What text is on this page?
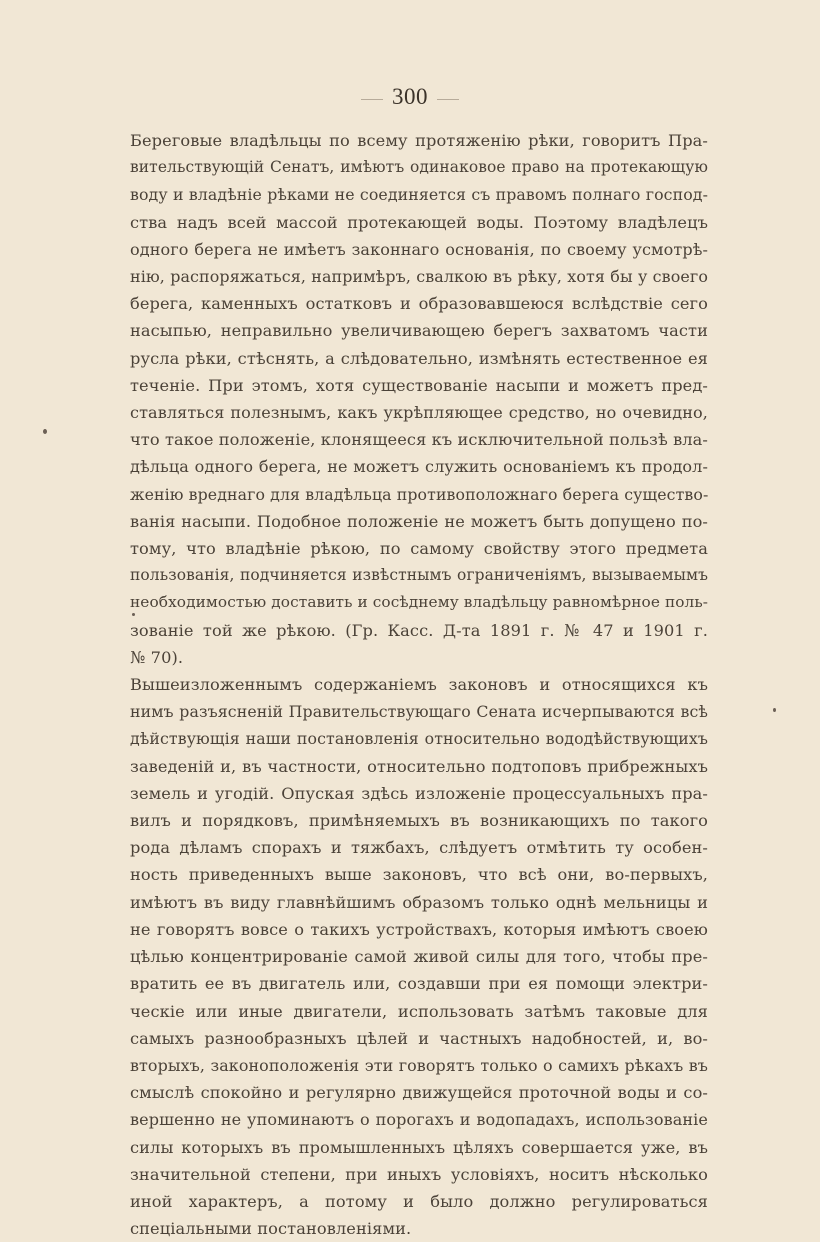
300
Береговые владѣльцы по всему протяженію рѣки, говоритъ Пра-
вительствующій Сенатъ, имѣютъ одинаковое право на протекающую
воду и владѣніе рѣками не соединяется съ правомъ полнаго господ-
ства надъ всей массой протекающей воды. Поэтому владѣлецъ
одного берега не имѣетъ законнаго основанія, по своему усмотрѣ-
нію, распоряжаться, напримѣръ, свалкою въ рѣку, хотя бы у своего
берега, каменныхъ остатковъ и образовавшеюся вслѣдствіе сего
насыпью, неправильно увеличивающею берегъ захватомъ части
русла рѣки, стѣснять, а слѣдовательно, измѣнять естественное ея
теченіе. При этомъ, хотя существованіе насыпи и можетъ пред-
ставляться полезнымъ, какъ укрѣпляющее средство, но очевидно,
что такое положеніе, клонящееся къ исключительной пользѣ вла-
дѣльца одного берега, не можетъ служить основаніемъ къ продол-
женію вреднаго для владѣльца противоположнаго берега существо-
ванія насыпи. Подобное положеніе не можетъ быть допущено по-
тому, что владѣніе рѣкою, по самому свойству этого предмета
пользованія, подчиняется извѣстнымъ ограниченіямъ, вызываемымъ
необходимостью доставить и сосѣднему владѣльцу равномѣрное поль-
зованіе той же рѣкою. (Гр. Касс. Д-та 1891 г. № 47 и 1901 г.
№ 70).
Вышеизложеннымъ содержаніемъ законовъ и относящихся къ
нимъ разъясненій Правительствующаго Сената исчерпываются всѣ
дѣйствующія наши постановленія относительно вододѣйствующихъ
заведеній и, въ частности, относительно подтоповъ прибрежныхъ
земель и угодій. Опуская здѣсь изложеніе процессуальныхъ пра-
вилъ и порядковъ, примѣняемыхъ въ возникающихъ по такого
рода дѣламъ спорахъ и тяжбахъ, слѣдуетъ отмѣтить ту особен-
ность приведенныхъ выше законовъ, что всѣ они, во-первыхъ,
имѣютъ въ виду главнѣйшимъ образомъ только однѣ мельницы и
не говорятъ вовсе о такихъ устройствахъ, которыя имѣютъ своею
цѣлью концентрированіе самой живой силы для того, чтобы пре-
вратить ее въ двигатель или, создавши при ея помощи электри-
ческіе или иные двигатели, использовать затѣмъ таковые для
самыхъ разнообразныхъ цѣлей и частныхъ надобностей, и, во-
вторыхъ, законоположенія эти говорятъ только о самихъ рѣкахъ въ
смыслѣ спокойно и регулярно движущейся проточной воды и со-
вершенно не упоминаютъ о порогахъ и водопадахъ, использованіе
силы которыхъ въ промышленныхъ цѣляхъ совершается уже, въ
значительной степени, при иныхъ условіяхъ, носитъ нѣсколько
иной характеръ, а потому и было должно регулироваться
спеціальными постановленіями.
